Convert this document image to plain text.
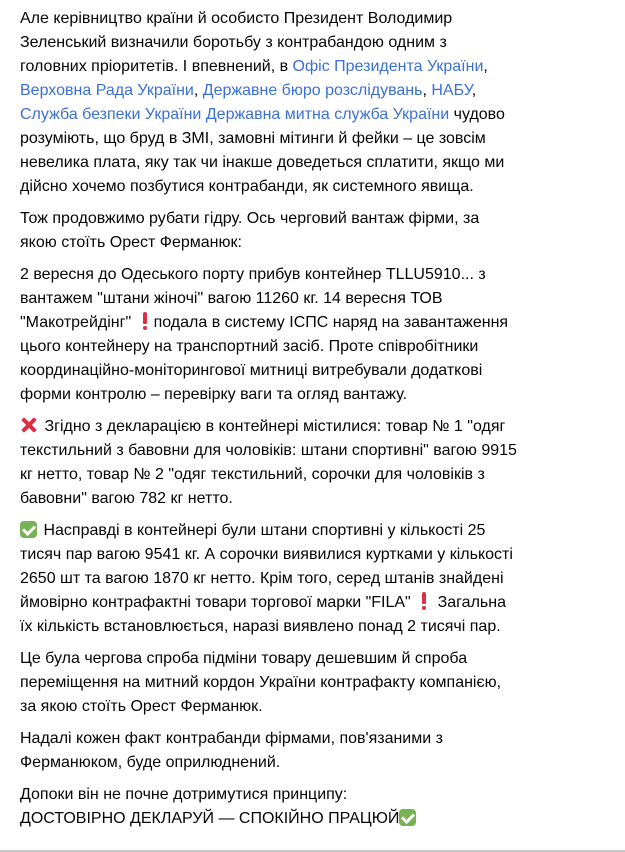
Але керівництво країни й особисто Президент Володимир
Зеленський визначили боротьбу з контрабандою одним з
головних пріоритетів. І впевнений, в Офіс Президента України,
Верховна Рада України, Державне бюро розслідувань, НАБУ,
Служба безпеки України Державна митна служба України чудово
розуміють, що бруд в ЗМІ, замовні мітинги й фейки – це зовсім
невелика плата, яку так чи інакше доведеться сплатити, якщо ми
дійсно хочемо позбутися контрабанди, як системного явища.
Тож продовжимо рубати гідру. Ось черговий вантаж фірми, за
якою стоїть Орест Ферманюк:
2 вересня до Одеського порту прибув контейнер TLLU5910... з
вантажем "штани жіночі" вагою 11260 кг. 14 вересня ТОВ
"Макотрейдінг" подала в систему ІСПС наряд на завантаження
цього контейнеру на транспортний засіб. Проте співробітники
координаційно-моніторингової митниці витребували додаткові
форми контролю – перевірку ваги та огляд вантажу.
Згідно з декларацією в контейнері містилися: товар № 1 "одяг
текстильний з бавовни для чоловіків: штани спортивні" вагою 9915
кг нетто, товар № 2 "одяг текстильний, сорочки для чоловіків з
бавовни" вагою 782 кг нетто.
Насправді в контейнері були штани спортивні у кількості 25
тисяч пар вагою 9541 кг. А сорочки виявилися куртками у кількості
2650 шт та вагою 1870 кг нетто. Крім того, серед штанів знайдені
ймовірно контрафактні товари торгової марки "FILA"  Загальна
їх кількість встановлюється, наразі виявлено понад 2 тисячі пар.
Це була чергова спроба підміни товару дешевшим й спроба
переміщення на митний кордон України контрафакту компанією,
за якою стоїть Орест Ферманюк.
Надалі кожен факт контрабанди фірмами, пов'язаними з
Ферманюком, буде оприлюднений.
Допоки він не почне дотримутися принципу:
ДОСТОВІРНО ДЕКЛАРУЙ — СПОКІЙНО ПРАЦЮЙ
